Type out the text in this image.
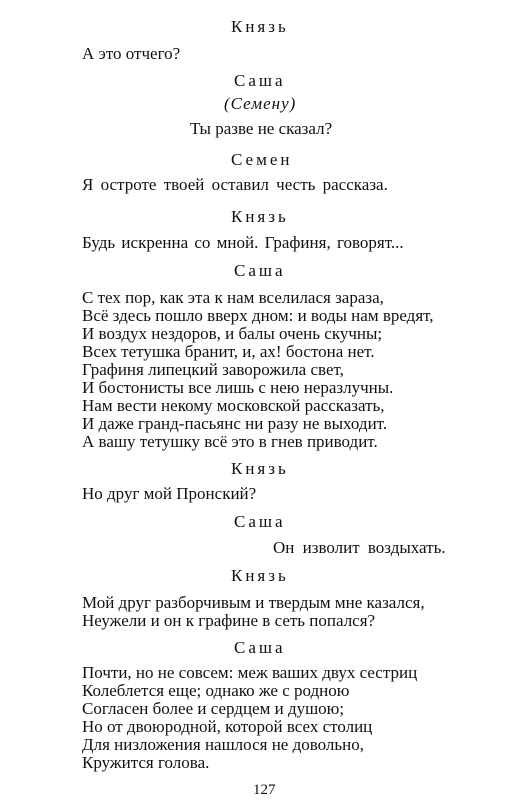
Князь
А это отчего?
Саша
(Семену)
Ты разве не сказал?
Семен
Я остроте твоей оставил честь рассказа.
Князь
Будь искренна со мной. Графиня, говорят...
Саша
С тех пор, как эта к нам вселилася зараза,
Всё здесь пошло вверх дном: и воды нам вредят,
И воздух нездоров, и балы очень скучны;
Всех тетушка бранит, и, ах! бостона нет.
Графиня липецкий заворожила свет,
И бостонисты все лишь с нею неразлучны.
Нам вести некому московской рассказать,
И даже гранд-пасьянс ни разу не выходит.
А вашу тетушку всё это в гнев приводит.
Князь
Но друг мой Пронский?
Саша
Он изволит воздыхать.
Князь
Мой друг разборчивым и твердым мне казался,
Неужели и он к графине в сеть попался?
Саша
Почти, но не совсем: меж ваших двух сестриц
Колеблется еще; однако же с родною
Согласен более и сердцем и душою;
Но от двоюродной, которой всех столиц
Для низложения нашлося не довольно,
Кружится голова.
127
